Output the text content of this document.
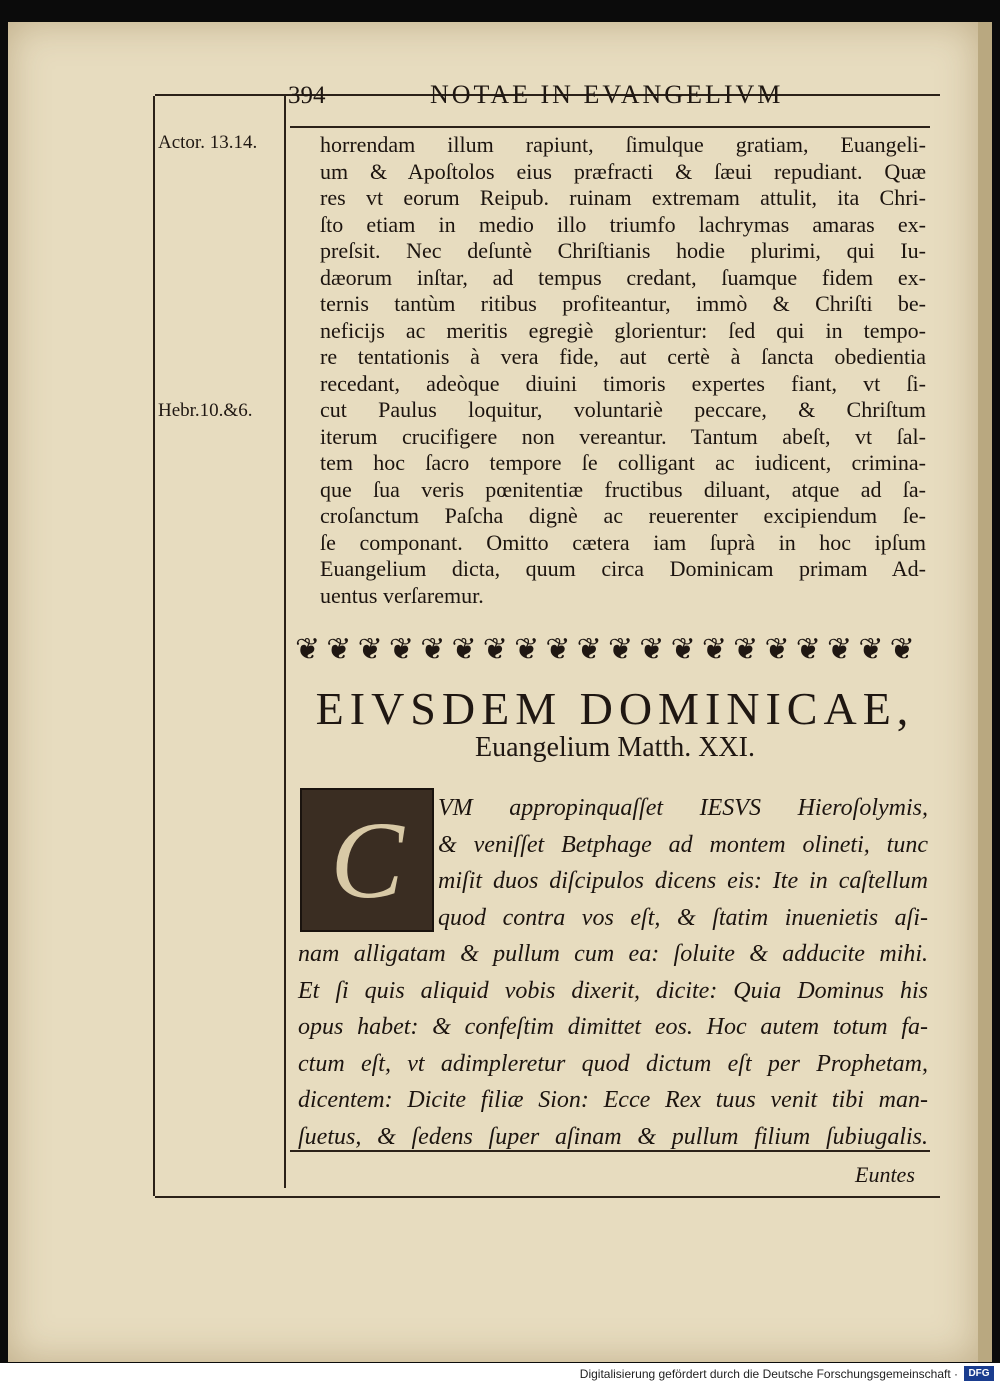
394	NOTAE IN EVANGELIVM
Actor. 13.14.
Hebr.10.&6.
horrendam illum rapiunt, ſimulque gratiam, Euangeli-
um & Apoſtolos eius præfracti & ſæui repudiant. Quæ
res vt eorum Reipub. ruinam extremam attulit, ita Chri-
ſto etiam in medio illo triumfo lachrymas amaras ex-
preſsit. Nec deſuntè Chriſtianis hodie plurimi, qui Iu-
dæorum inſtar, ad tempus credant, ſuamque fidem ex-
ternis tantùm ritibus profiteantur, immò & Chriſti be-
neficijs ac meritis egregiè glorientur: ſed qui in tempo-
re tentationis à vera fide, aut certè à ſancta obedientia
recedant, adeòque diuini timoris expertes fiant, vt ſi-
cut Paulus loquitur, voluntariè peccare, & Chriſtum
iterum crucifigere non vereantur. Tantum abeſt, vt ſal-
tem hoc ſacro tempore ſe colligant ac iudicent, crimina-
que ſua veris pœnitentiæ fructibus diluant, atque ad ſa-
croſanctum Paſcha dignè ac reuerenter excipiendum ſe-
ſe componant. Omitto cætera iam ſuprà in hoc ipſum
Euangelium dicta, quum circa Dominicam primam Ad-
uentus verſaremur.
❦ ❦ ❦ ❦ ❦ ❦ ❦ ❦ ❦ ❦ ❦ ❦ ❦ ❦ ❦ ❦ ❦ ❦ ❦ ❦
EIVSDEM DOMINICAE,
Euangelium Matth. XXI.
C VM appropinquaſſet IESVS Hieroſolymis,
& veniſſet Betphage ad montem olineti, tunc
miſit duos diſcipulos dicens eis: Ite in caſtellum
quod contra vos eſt, & ſtatim inuenietis aſi-
nam alligatam & pullum cum ea: ſoluite & adducite mihi.
Et ſi quis aliquid vobis dixerit, dicite: Quia Dominus his
opus habet: & confeſtim dimittet eos. Hoc autem totum fa-
ctum eſt, vt adimpleretur quod dictum eſt per Prophetam,
dicentem: Dicite filiæ Sion: Ecce Rex tuus venit tibi man-
ſuetus, & ſedens ſuper aſinam & pullum filium ſubiugalis.
Euntes
Digitalisierung gefördert durch die Deutsche Forschungsgemeinschaft ·	DFG
